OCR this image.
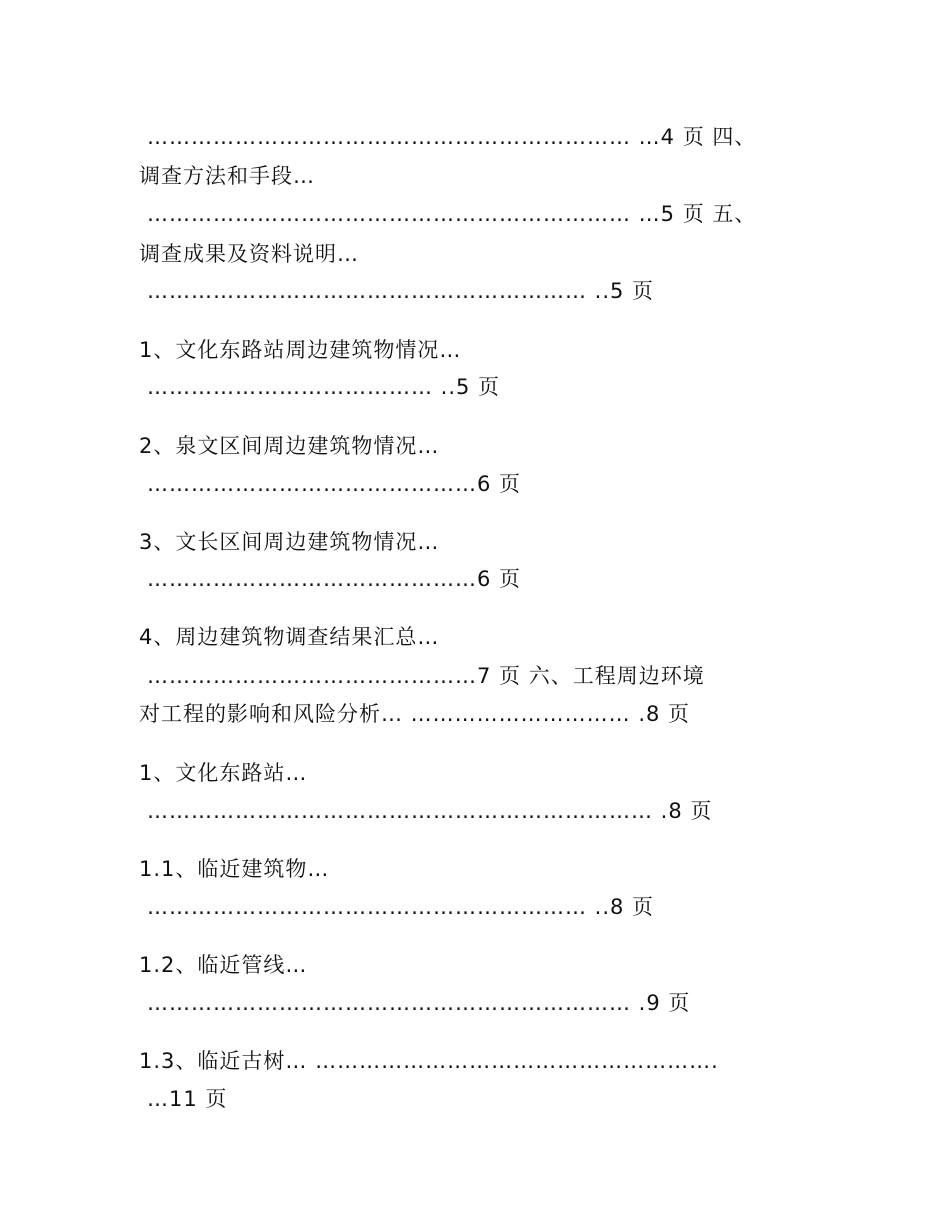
………………………………………………………… …4 页 四、
调查方法和手段…
………………………………………………………… …5 页 五、
调查成果及资料说明…
…………………………………………………… ..5 页
1、文化东路站周边建筑物情况…
………………………………… ..5 页
2、泉文区间周边建筑物情况…
………………………………………6 页
3、文长区间周边建筑物情况…
………………………………………6 页
4、周边建筑物调查结果汇总…
………………………………………7 页 六、工程周边环境
对工程的影响和风险分析… ………………………… .8 页
1、文化东路站…
…………………………………………………………… .8 页
1.1、临近建筑物…
…………………………………………………… ..8 页
1.2、临近管线…
………………………………………………………… .9 页
1.3、临近古树… ……………………………………………….
…11 页
